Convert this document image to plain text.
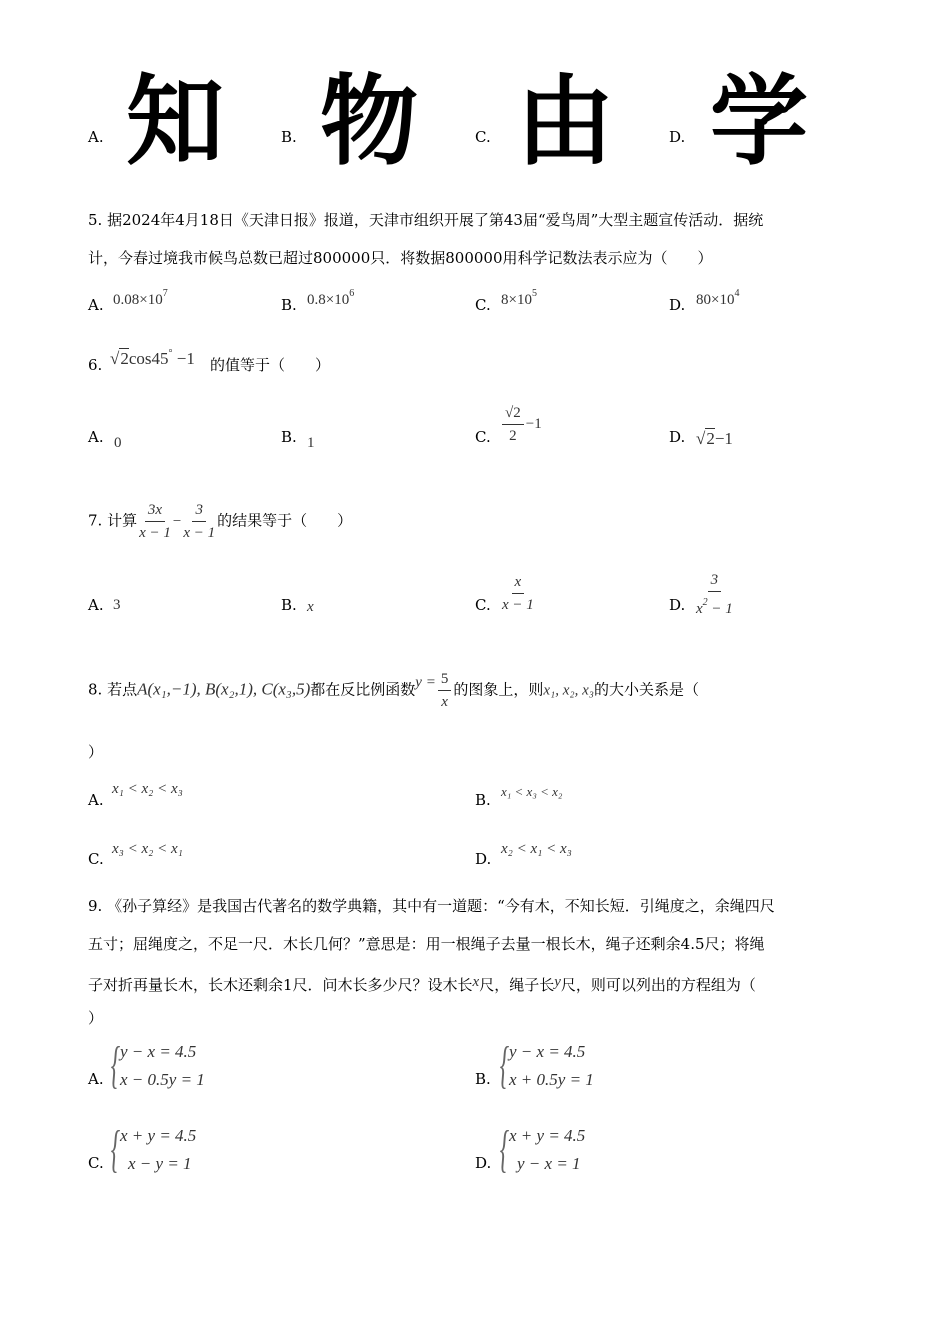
A. 知	B. 物	C. 由	D. 学
5. 据2024年4月18日《天津日报》报道，天津市组织开展了第43届“爱鸟周”大型主题宣传活动．据统
计，今春过境我市候鸟总数已超过800000只．将数据800000用科学记数法表示应为（　　）
A. $0.08\times 10^7$
B. $0.8\times 10^6$
C. $8\times 10^5$
D. $80\times 10^4$
6. √2cos45° −1 的值等于（　　）
A. 0	B. 1	C. $\frac{√2}{2} -1$
D. √2−1
7. 计算 $\frac{3x}{x - 1} - \frac{3}{x - 1}$ 的结果等于（　　）
A. 3	B. x	C. $\frac{x}{x - 1}$	D. $\frac{3}{x^2 - 1}$
8. 若点A(x₁,−1), B(x₂,1), C(x₃,5)都在反比例函数$y = \frac{5}{x}$ 的图象上，则x₁, x₂, x₃的大小关系是（
）
A.
x₁ < x₂ < x₃
B. x₁ < x₃ < x₂
C.
x₃ < x₂ < x₁
D.
x₂ < x₁ < x₃
9. 《孙子算经》是我国古代著名的数学典籍，其中有一道题：“今有木，不知长短．引绳度之，余绳四尺
五寸；屈绳度之，不足一尺．木长几何？”意思是：用一根绳子去量一根长木，绳子还剩余4.5尺；将绳
子对折再量长木，长木还剩余1尺．问木长多少尺？设木长x尺，绳子长y尺，则可以列出的方程组为（
）
A. { y − x = 4.5
x − 0.5y = 1	B. { y − x = 4.5
x + 0.5y = 1
C. { x + y = 4.5
x − y = 1	D. { x + y = 4.5
y − x = 1
